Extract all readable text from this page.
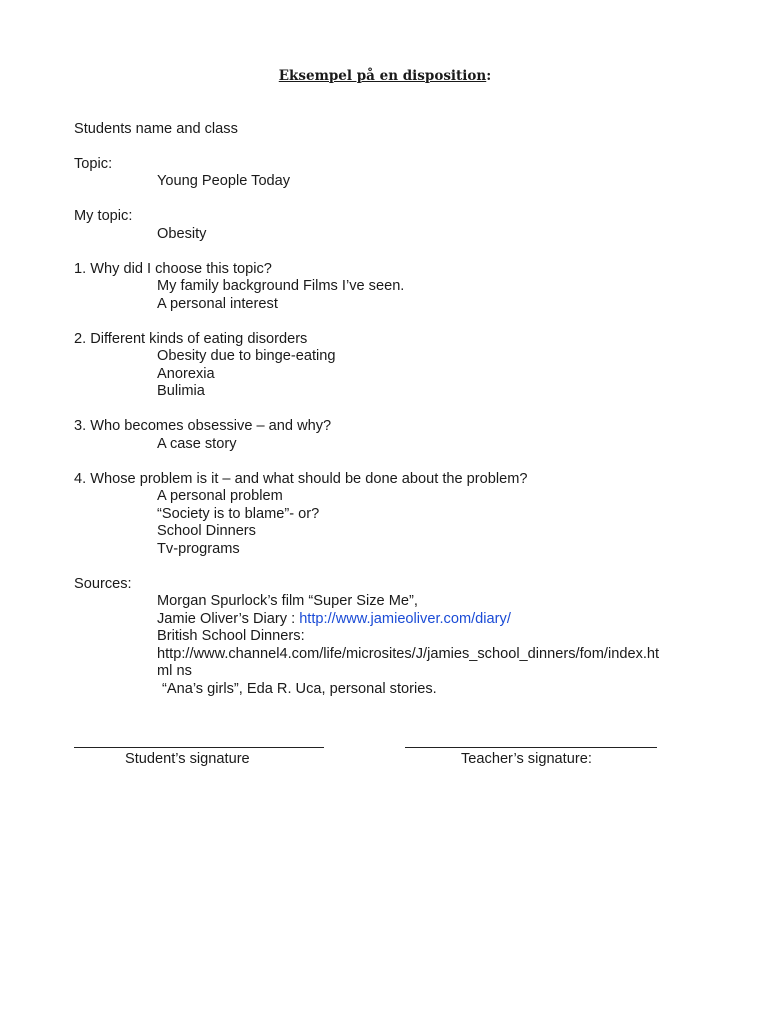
Eksempel på en disposition:
Students name and class
Topic:
Young People Today
My topic:
Obesity
1. Why did I choose this topic?
My family background Films I’ve seen.
A personal interest
2. Different kinds of eating disorders
Obesity due to binge-eating
Anorexia
Bulimia
3. Who becomes obsessive – and why?
A case story
4. Whose problem is it – and what should be done about the problem?
A personal problem
“Society is to blame”- or?
School Dinners
Tv-programs
Sources:
Morgan Spurlock’s film “Super Size Me”,
Jamie Oliver’s Diary : http://www.jamieoliver.com/diary/
British School Dinners:
http://www.channel4.com/life/microsites/J/jamies_school_dinners/fom/index.ht
ml ns
“Ana’s girls”, Eda R. Uca, personal stories.
Student’s signature	Teacher’s signature:
